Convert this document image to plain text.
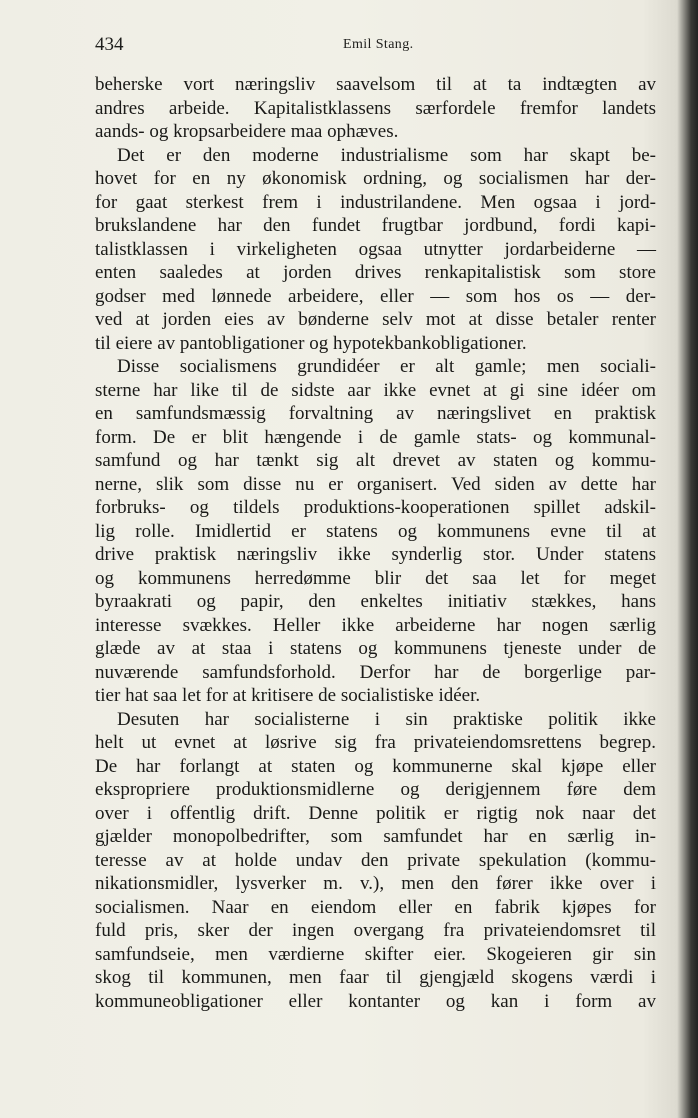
434	Emil Stang.
beherske vort næringsliv saavelsom til at ta indtægten av
andres arbeide. Kapitalistklassens særfordele fremfor landets
aands- og kropsarbeidere maa ophæves.
Det er den moderne industrialisme som har skapt be-
hovet for en ny økonomisk ordning, og socialismen har der-
for gaat sterkest frem i industrilandene. Men ogsaa i jord-
brukslandene har den fundet frugtbar jordbund, fordi kapi-
talistklassen i virkeligheten ogsaa utnytter jordarbeiderne —
enten saaledes at jorden drives renkapitalistisk som store
godser med lønnede arbeidere, eller — som hos os — der-
ved at jorden eies av bønderne selv mot at disse betaler renter
til eiere av pantobligationer og hypotekbankobligationer.
Disse socialismens grundidéer er alt gamle; men sociali-
sterne har like til de sidste aar ikke evnet at gi sine idéer om
en samfundsmæssig forvaltning av næringslivet en praktisk
form. De er blit hængende i de gamle stats- og kommunal-
samfund og har tænkt sig alt drevet av staten og kommu-
nerne, slik som disse nu er organisert. Ved siden av dette har
forbruks- og tildels produktions-kooperationen spillet adskil-
lig rolle. Imidlertid er statens og kommunens evne til at
drive praktisk næringsliv ikke synderlig stor. Under statens
og kommunens herredømme blir det saa let for meget
byraakrati og papir, den enkeltes initiativ stækkes, hans
interesse svækkes. Heller ikke arbeiderne har nogen særlig
glæde av at staa i statens og kommunens tjeneste under de
nuværende samfundsforhold. Derfor har de borgerlige par-
tier hat saa let for at kritisere de socialistiske idéer.
Desuten har socialisterne i sin praktiske politik ikke
helt ut evnet at løsrive sig fra privateiendomsrettens begrep.
De har forlangt at staten og kommunerne skal kjøpe eller
ekspropriere produktionsmidlerne og derigjennem føre dem
over i offentlig drift. Denne politik er rigtig nok naar det
gjælder monopolbedrifter, som samfundet har en særlig in-
teresse av at holde undav den private spekulation (kommu-
nikationsmidler, lysverker m. v.), men den fører ikke over i
socialismen. Naar en eiendom eller en fabrik kjøpes for
fuld pris, sker der ingen overgang fra privateiendomsret til
samfundseie, men værdierne skifter eier. Skogeieren gir sin
skog til kommunen, men faar til gjengjæld skogens værdi i
kommuneobligationer eller kontanter og kan i form av
